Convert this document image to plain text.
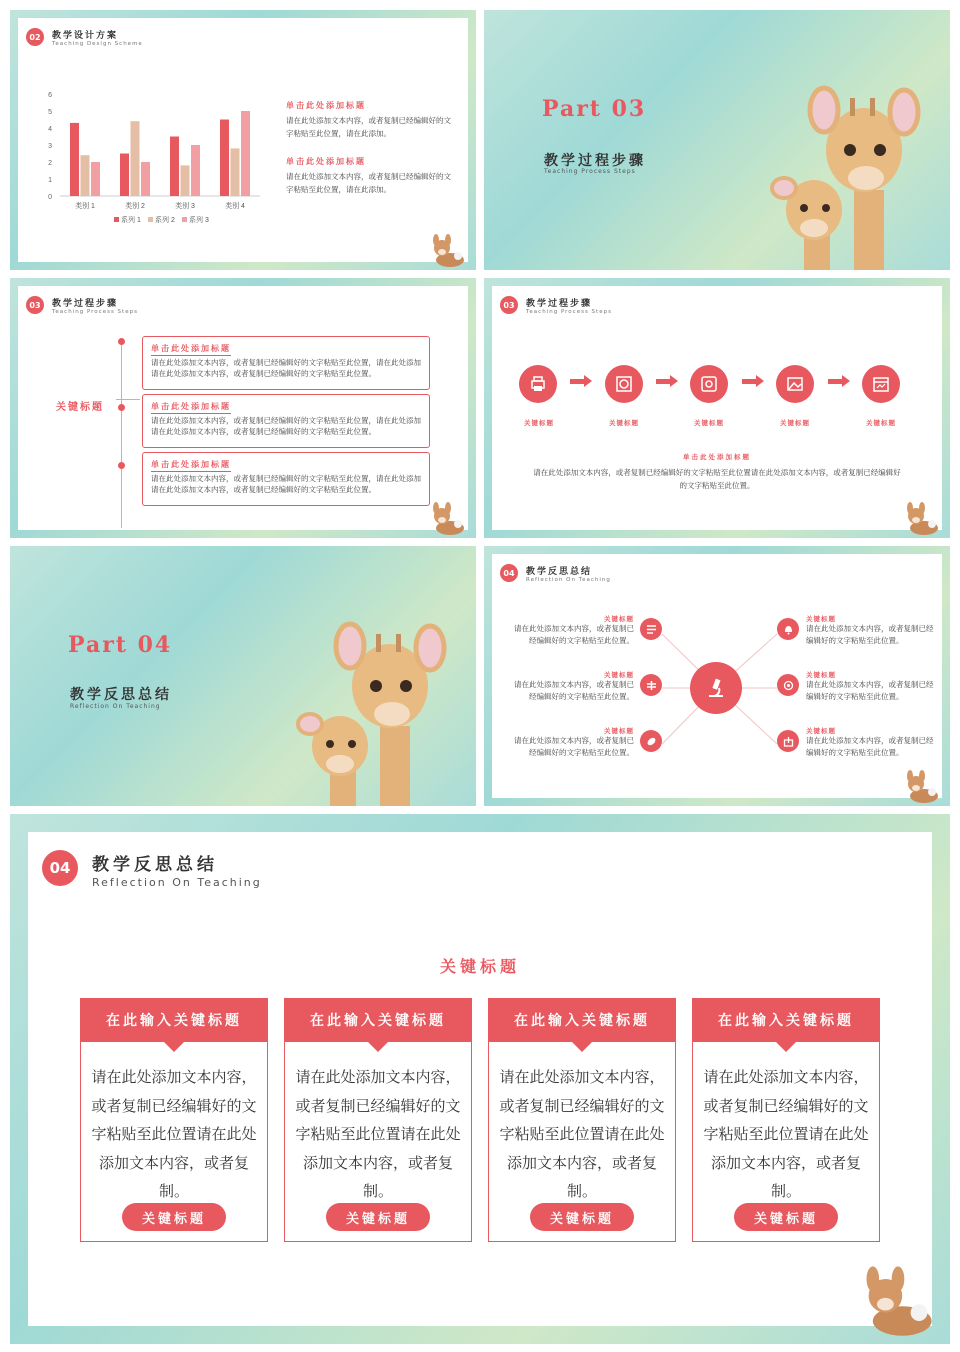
02	教学设计方案
Teaching Design Scheme
0
1
2
3
4
5
6
类别 1	类别 2	类别 3	类别 4
系列 1 系列 2 系列 3
单击此处添加标题
请在此处添加文本内容，或者复制已经编辑好的文字粘贴至此位置，请在此添加。
单击此处添加标题
请在此处添加文本内容，或者复制已经编辑好的文字粘贴至此位置，请在此添加。
Part 03
教学过程步骤
Teaching Process Steps
03	教学过程步骤
Teaching Process Steps
关键标题
单击此处添加标题
请在此处添加文本内容，或者复制已经编辑好的文字粘贴至此位置，请在此处添加请在此处添加文本内容，或者复制已经编辑好的文字粘贴至此位置。
单击此处添加标题
请在此处添加文本内容，或者复制已经编辑好的文字粘贴至此位置，请在此处添加请在此处添加文本内容，或者复制已经编辑好的文字粘贴至此位置。
单击此处添加标题
请在此处添加文本内容，或者复制已经编辑好的文字粘贴至此位置，请在此处添加请在此处添加文本内容，或者复制已经编辑好的文字粘贴至此位置。
03	教学过程步骤
Teaching Process Steps
关键标题	关键标题	关键标题	关键标题	关键标题
单击此处添加标题
请在此处添加文本内容，或者复制已经编辑好的文字粘贴至此位置请在此处添加文本内容，或者复制已经编辑好的文字粘贴至此位置。
Part 04
教学反思总结
Reflection On Teaching
04	教学反思总结
Reflection On Teaching
关键标题
请在此处添加文本内容，或者复制已经编辑好的文字粘贴至此位置。
关键标题
请在此处添加文本内容，或者复制已经编辑好的文字粘贴至此位置。
关键标题
请在此处添加文本内容，或者复制已经编辑好的文字粘贴至此位置。
关键标题
请在此处添加文本内容，或者复制已经编辑好的文字粘贴至此位置。
关键标题
请在此处添加文本内容，或者复制已经编辑好的文字粘贴至此位置。
关键标题
请在此处添加文本内容，或者复制已经编辑好的文字粘贴至此位置。
04	教学反思总结
Reflection On Teaching
关键标题
在此输入关键标题
请在此处添加文本内容，或者复制已经编辑好的文字粘贴至此位置请在此处添加文本内容，或者复制。
关键标题
在此输入关键标题
请在此处添加文本内容，或者复制已经编辑好的文字粘贴至此位置请在此处添加文本内容，或者复制。
关键标题
在此输入关键标题
请在此处添加文本内容，或者复制已经编辑好的文字粘贴至此位置请在此处添加文本内容，或者复制。
关键标题
在此输入关键标题
请在此处添加文本内容，或者复制已经编辑好的文字粘贴至此位置请在此处添加文本内容，或者复制。
关键标题
